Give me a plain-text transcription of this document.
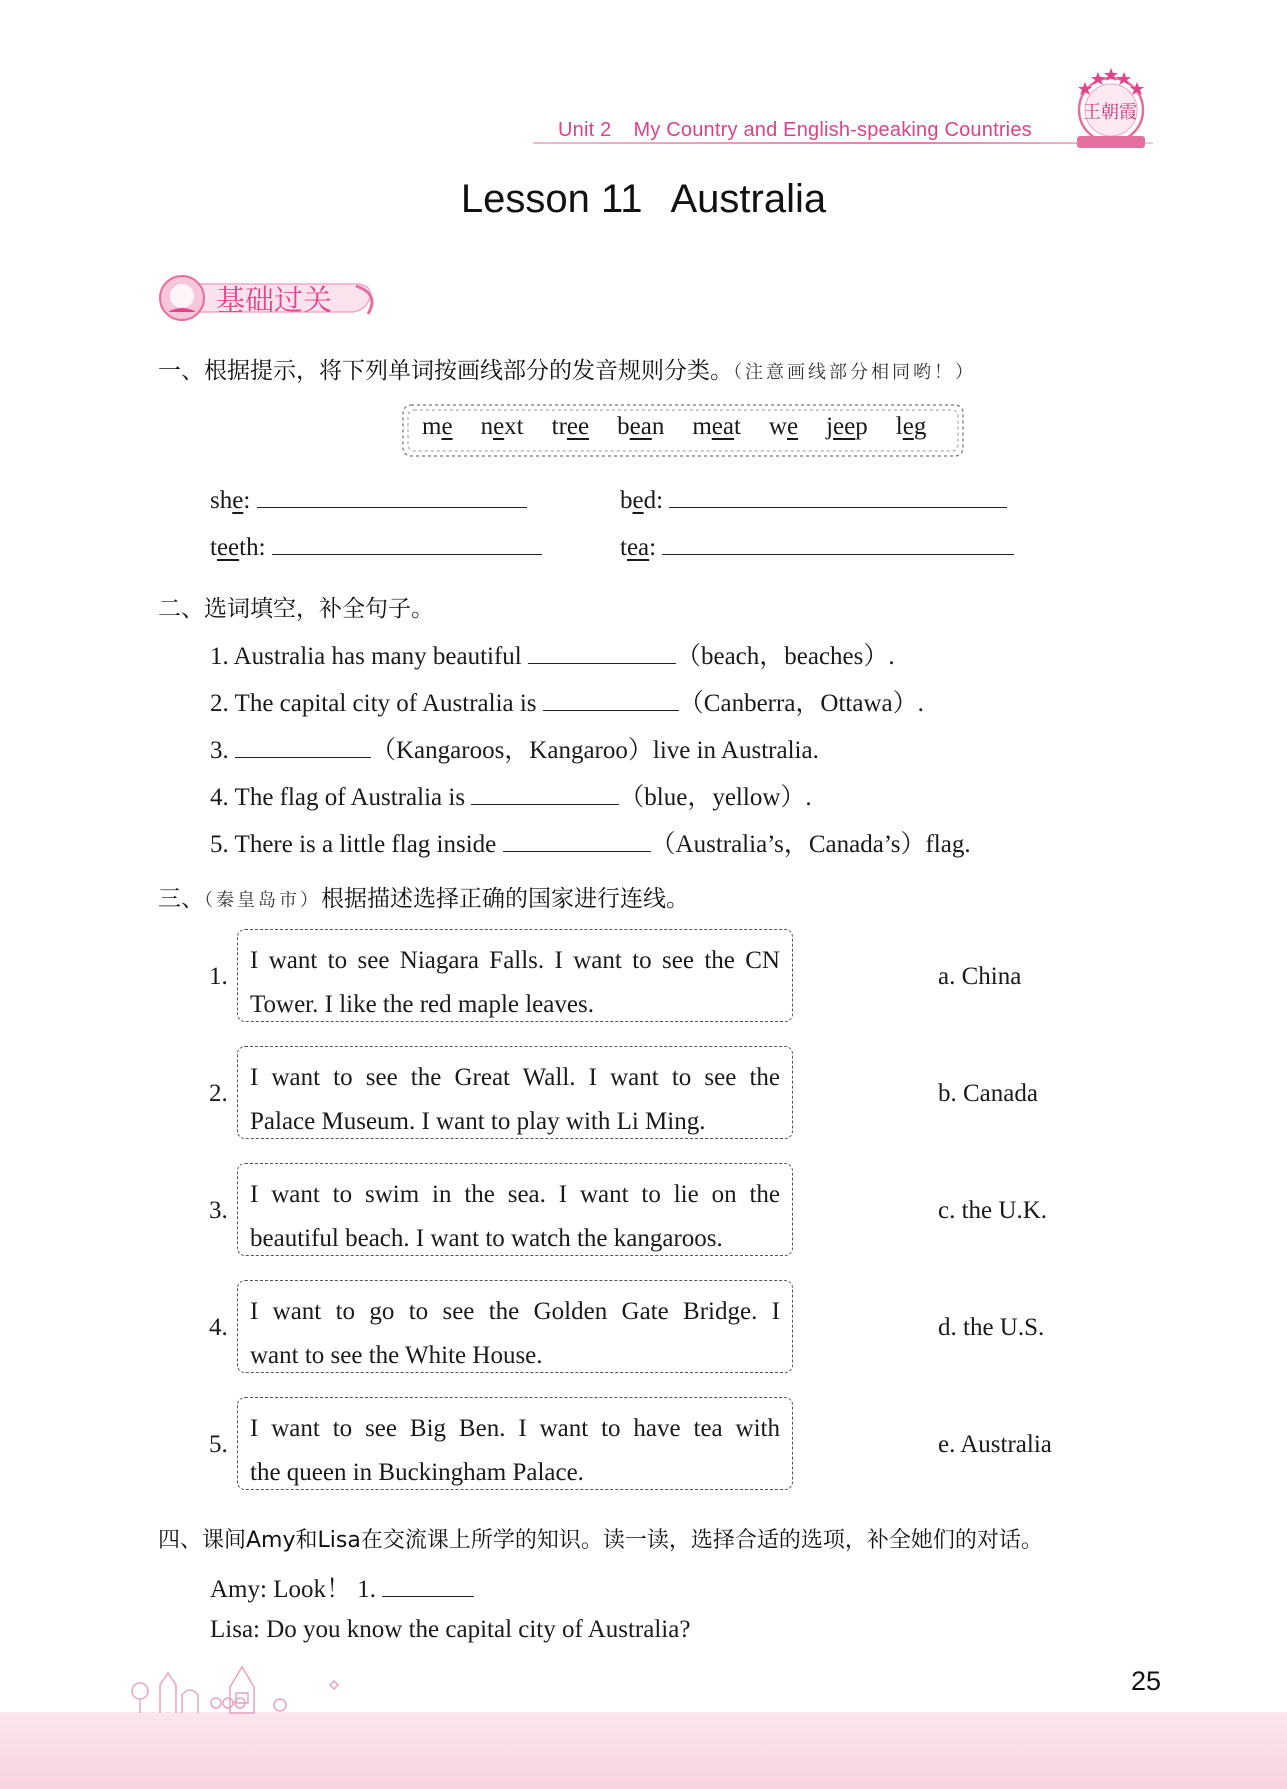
Unit 2 My Country and English-speaking Countries
王朝霞
Lesson 11 Australia
基础过关
一、根据提示，将下列单词按画线部分的发音规则分类。（注意画线部分相同哟！）
me next tree bean meat we jeep leg
she:	bed:
teeth:	tea:
二、选词填空，补全句子。
1. Australia has many beautiful	（beach，beaches）.
2. The capital city of Australia is	（Canberra，Ottawa）.
3.	（Kangaroos，Kangaroo）live in Australia.
4. The flag of Australia is	（blue，yellow）.
5. There is a little flag inside	（Australia’s，Canada’s）flag.
三、（秦皇岛市）根据描述选择正确的国家进行连线。
1.
I want to see Niagara Falls. I want to see the CN
Tower. I like the red maple leaves.
a. China
2.
I want to see the Great Wall. I want to see the
Palace Museum. I want to play with Li Ming.
b. Canada
3.
I want to swim in the sea. I want to lie on the
beautiful beach. I want to watch the kangaroos.
c. the U.K.
4.
I want to go to see the Golden Gate Bridge. I
want to see the White House.
d. the U.S.
5.
I want to see Big Ben. I want to have tea with
the queen in Buckingham Palace.
e. Australia
四、课间Amy和Lisa在交流课上所学的知识。读一读，选择合适的选项，补全她们的对话。
Amy: Look！ 1.
Lisa: Do you know the capital city of Australia?
25
